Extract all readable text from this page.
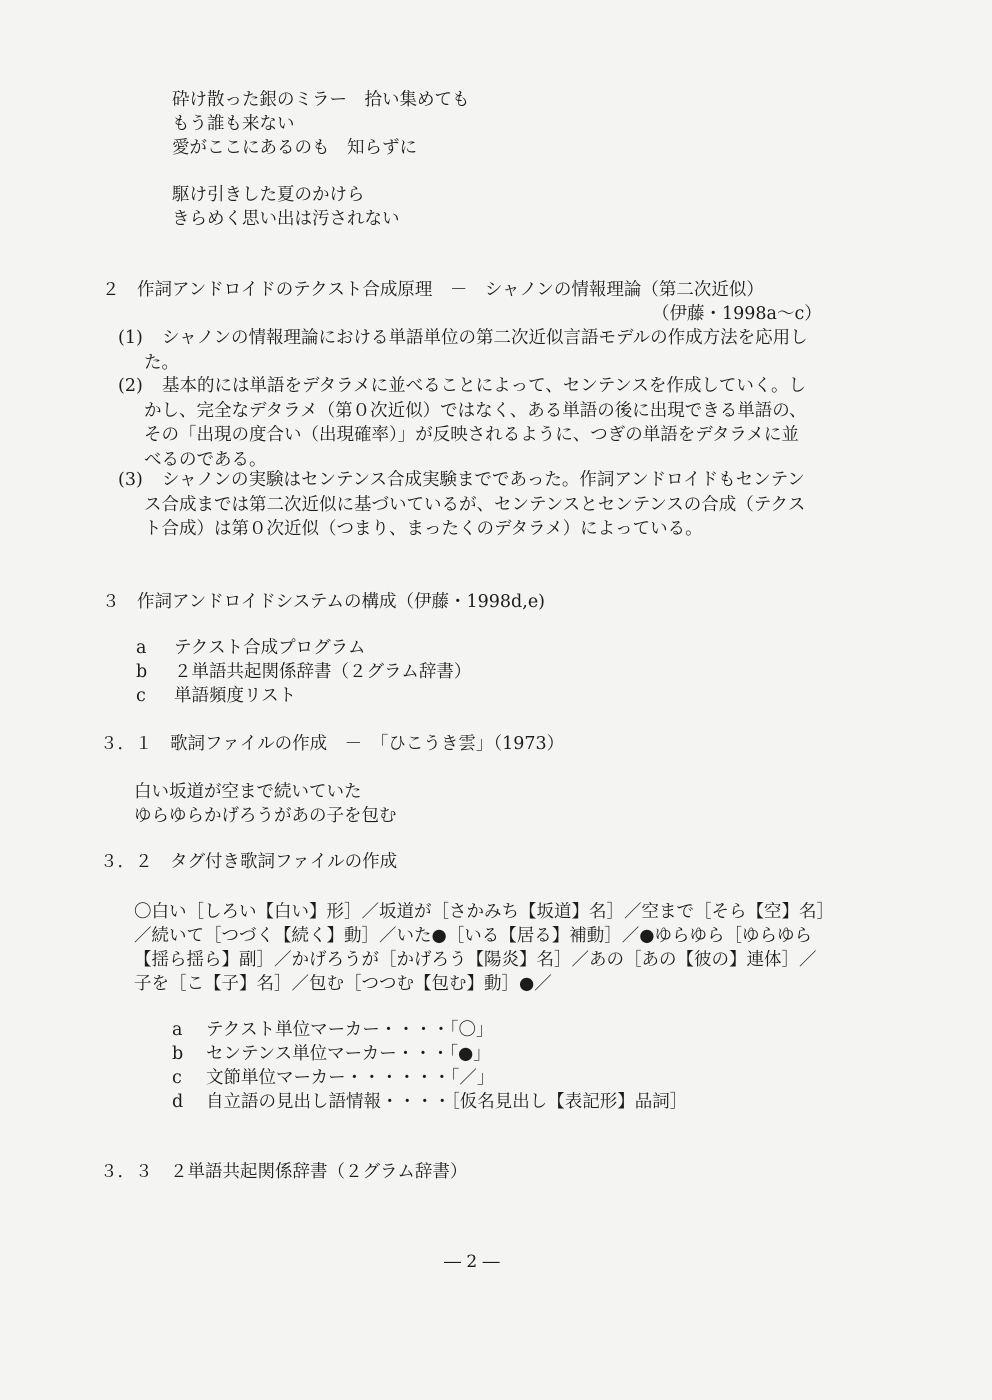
砕け散った銀のミラー　拾い集めても
もう誰も来ない
愛がここにあるのも　知らずに
駆け引きした夏のかけら
きらめく思い出は汚されない
２　作詞アンドロイドのテクスト合成原理　－　シャノンの情報理論（第二次近似）
（伊藤・1998a～c）
(1)	シャノンの情報理論における単語単位の第二次近似言語モデルの作成方法を応用し
た。
(2)	基本的には単語をデタラメに並べることによって、センテンスを作成していく。し
かし、完全なデタラメ（第０次近似）ではなく、ある単語の後に出現できる単語の、
その「出現の度合い（出現確率）」が反映されるように、つぎの単語をデタラメに並
べるのである。
(3)	シャノンの実験はセンテンス合成実験までであった。作詞アンドロイドもセンテン
ス合成までは第二次近似に基づいているが、センテンスとセンテンスの合成（テクス
ト合成）は第０次近似（つまり、まったくのデタラメ）によっている。
３　作詞アンドロイドシステムの構成（伊藤・1998d,e)
a テクスト合成プログラム
b ２単語共起関係辞書（２グラム辞書）
c 単語頻度リスト
３．１　歌詞ファイルの作成　－　「ひこうき雲」（1973）
白い坂道が空まで続いていた
ゆらゆらかげろうがあの子を包む
３．２　タグ付き歌詞ファイルの作成
〇白い［しろい【白い】形］／坂道が［さかみち【坂道】名］／空まで［そら【空】名］
／続いて［つづく【続く】動］／いた●［いる【居る】補動］／●ゆらゆら［ゆらゆら
【揺ら揺ら】副］／かげろうが［かげろう【陽炎】名］／あの［あの【彼の】連体］／
子を［こ【子】名］／包む［つつむ【包む】動］●／
a テクスト単位マーカー・・・・「〇」
b センテンス単位マーカー・・・「●」
c 文節単位マーカー・・・・・・「／」
d 自立語の見出し語情報・・・・［仮名見出し【表記形】品詞］
３．３　２単語共起関係辞書（２グラム辞書）
― 2 ―
